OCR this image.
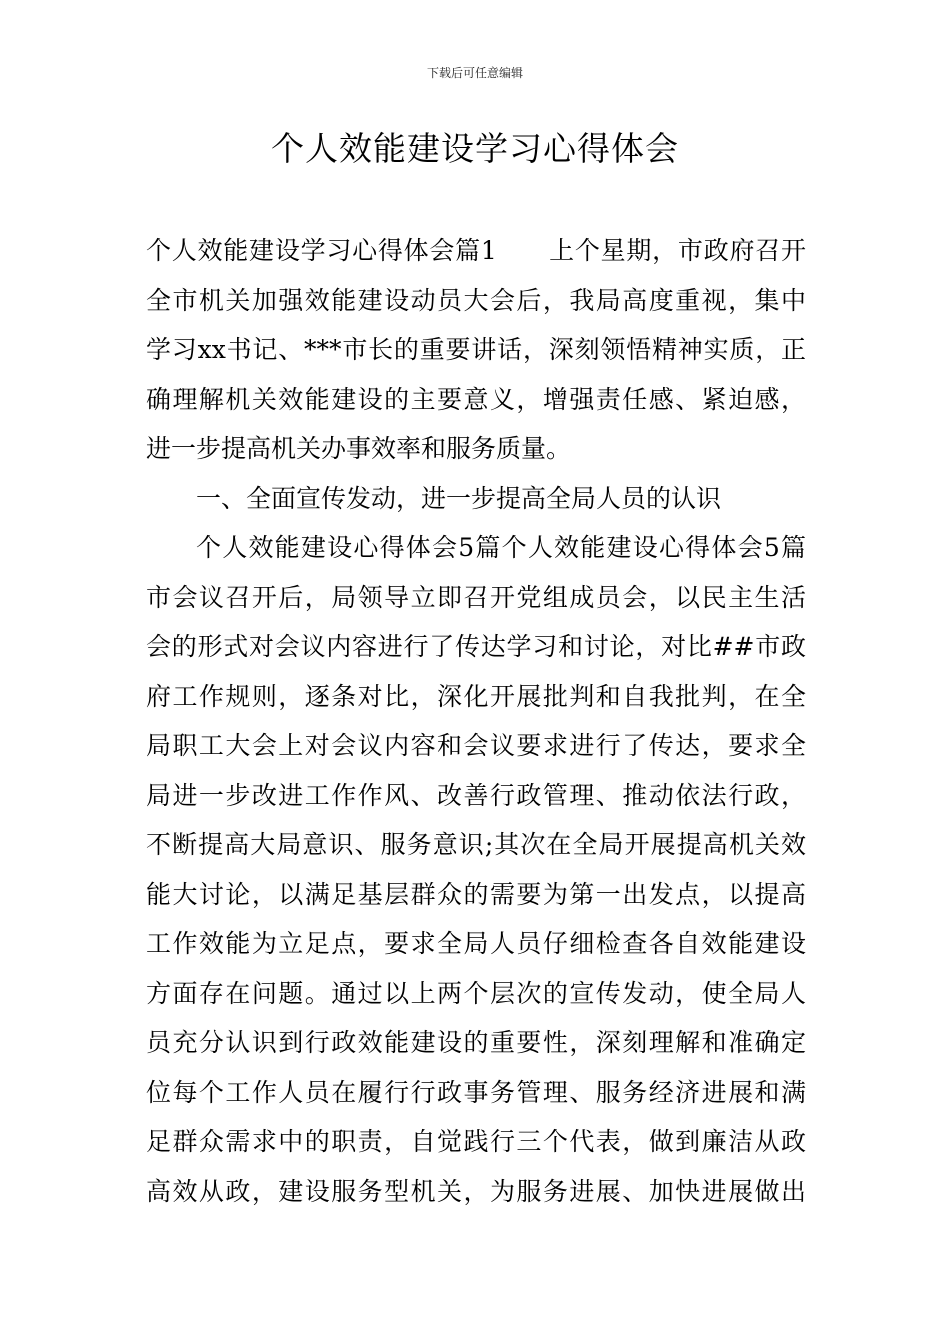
下载后可任意编辑
个人效能建设学习心得体会
个人效能建设学习心得体会篇1　　上个星期，市政府召开
全市机关加强效能建设动员大会后，我局高度重视，集中
学习xx书记、***市长的重要讲话，深刻领悟精神实质，正
确理解机关效能建设的主要意义，增强责任感、紧迫感，
进一步提高机关办事效率和服务质量。
一、全面宣传发动，进一步提高全局人员的认识
个人效能建设心得体会5篇个人效能建设心得体会5篇
市会议召开后，局领导立即召开党组成员会，以民主生活
会的形式对会议内容进行了传达学习和讨论，对比##市政
府工作规则，逐条对比，深化开展批判和自我批判，在全
局职工大会上对会议内容和会议要求进行了传达，要求全
局进一步改进工作作风、改善行政管理、推动依法行政，
不断提高大局意识、服务意识;其次在全局开展提高机关效
能大讨论，以满足基层群众的需要为第一出发点，以提高
工作效能为立足点，要求全局人员仔细检查各自效能建设
方面存在问题。通过以上两个层次的宣传发动，使全局人
员充分认识到行政效能建设的重要性，深刻理解和准确定
位每个工作人员在履行行政事务管理、服务经济进展和满
足群众需求中的职责，自觉践行三个代表，做到廉洁从政
高效从政，建设服务型机关，为服务进展、加快进展做出
